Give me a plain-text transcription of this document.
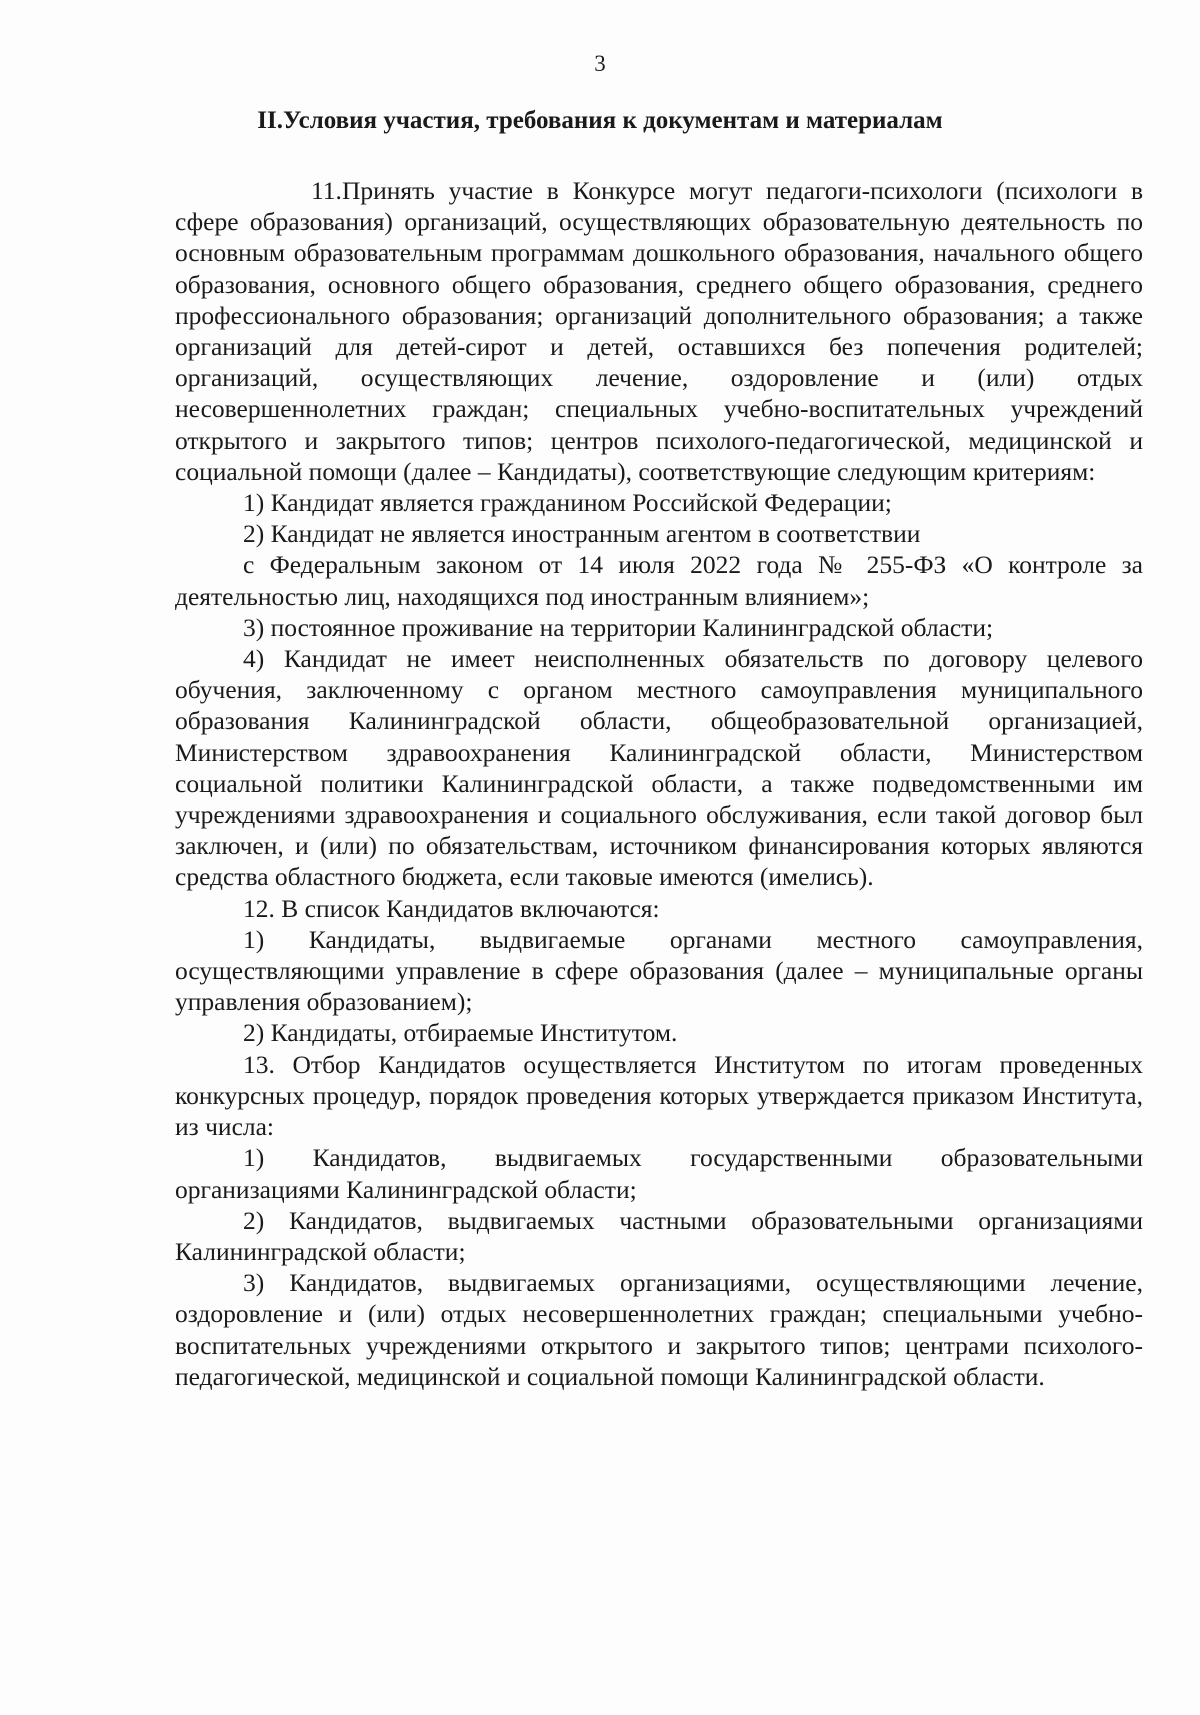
3
II.Условия участия, требования к документам и материалам

11.Принять участие в Конкурсе могут педагоги-психологи (психологи в сфере образования) организаций, осуществляющих образовательную деятельность по основным образовательным программам дошкольного образования, начального общего образования, основного общего образования, среднего общего образования, среднего профессионального образования; организаций дополнительного образования; а также организаций для детей-сирот и детей, оставшихся без попечения родителей; организаций, осуществляющих лечение, оздоровление и (или) отдых несовершеннолетних граждан; специальных учебно-воспитательных учреждений открытого и закрытого типов; центров психолого-педагогической, медицинской и социальной помощи (далее – Кандидаты), соответствующие следующим критериям:

1) Кандидат является гражданином Российской Федерации;

2) Кандидат не является иностранным агентом в соответствии

с Федеральным законом от 14 июля 2022 года № 255-ФЗ «О контроле за деятельностью лиц, находящихся под иностранным влиянием»;

3) постоянное проживание на территории Калининградской области;

4) Кандидат не имеет неисполненных обязательств по договору целевого обучения, заключенному с органом местного самоуправления муниципального образования Калининградской области, общеобразовательной организацией, Министерством здравоохранения Калининградской области, Министерством социальной политики Калининградской области, а также подведомственными им учреждениями здравоохранения и социального обслуживания, если такой договор был заключен, и (или) по обязательствам, источником финансирования которых являются средства областного бюджета, если таковые имеются (имелись).

12. В список Кандидатов включаются:

1) Кандидаты, выдвигаемые органами местного самоуправления, осуществляющими управление в сфере образования (далее – муниципальные органы управления образованием);

2) Кандидаты, отбираемые Институтом.

13. Отбор Кандидатов осуществляется Институтом по итогам проведенных конкурсных процедур, порядок проведения которых утверждается приказом Института, из числа:

1) Кандидатов, выдвигаемых государственными образовательными организациями Калининградской области;

2) Кандидатов, выдвигаемых частными образовательными организациями Калининградской области;

3) Кандидатов, выдвигаемых организациями, осуществляющими лечение, оздоровление и (или) отдых несовершеннолетних граждан; специальными учебно-воспитательных учреждениями открытого и закрытого типов; центрами психолого-педагогической, медицинской и социальной помощи Калининградской области.
